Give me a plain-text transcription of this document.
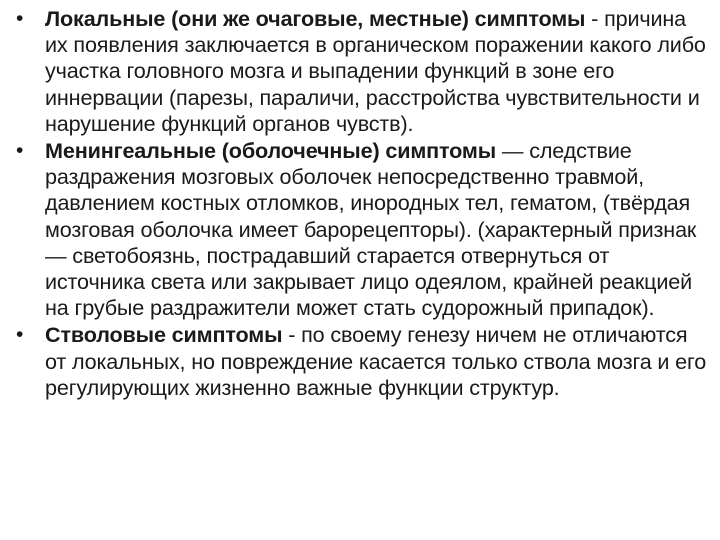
•	Локальные (они же очаговые, местные) симптомы - причина их появления заключается в органическом поражении какого либо участка головного мозга и выпадении функций в зоне его иннервации (парезы, параличи, расстройства чувствительности и нарушение функций органов чувств).
•	Менингеальные (оболочечные) симптомы — следствие раздражения мозговых оболочек непосредственно травмой, давлением костных отломков, инородных тел, гематом, (твёрдая мозговая оболочка имеет барорецепторы). (характерный признак — светобоязнь, пострадавший старается отвернуться от источника света или закрывает лицо одеялом, крайней реакцией на грубые раздражители может стать судорожный припадок).
•	Стволовые симптомы - по своему генезу ничем не отличаются от локальных, но повреждение касается только ствола мозга и его регулирующих жизненно важные функции структур.
